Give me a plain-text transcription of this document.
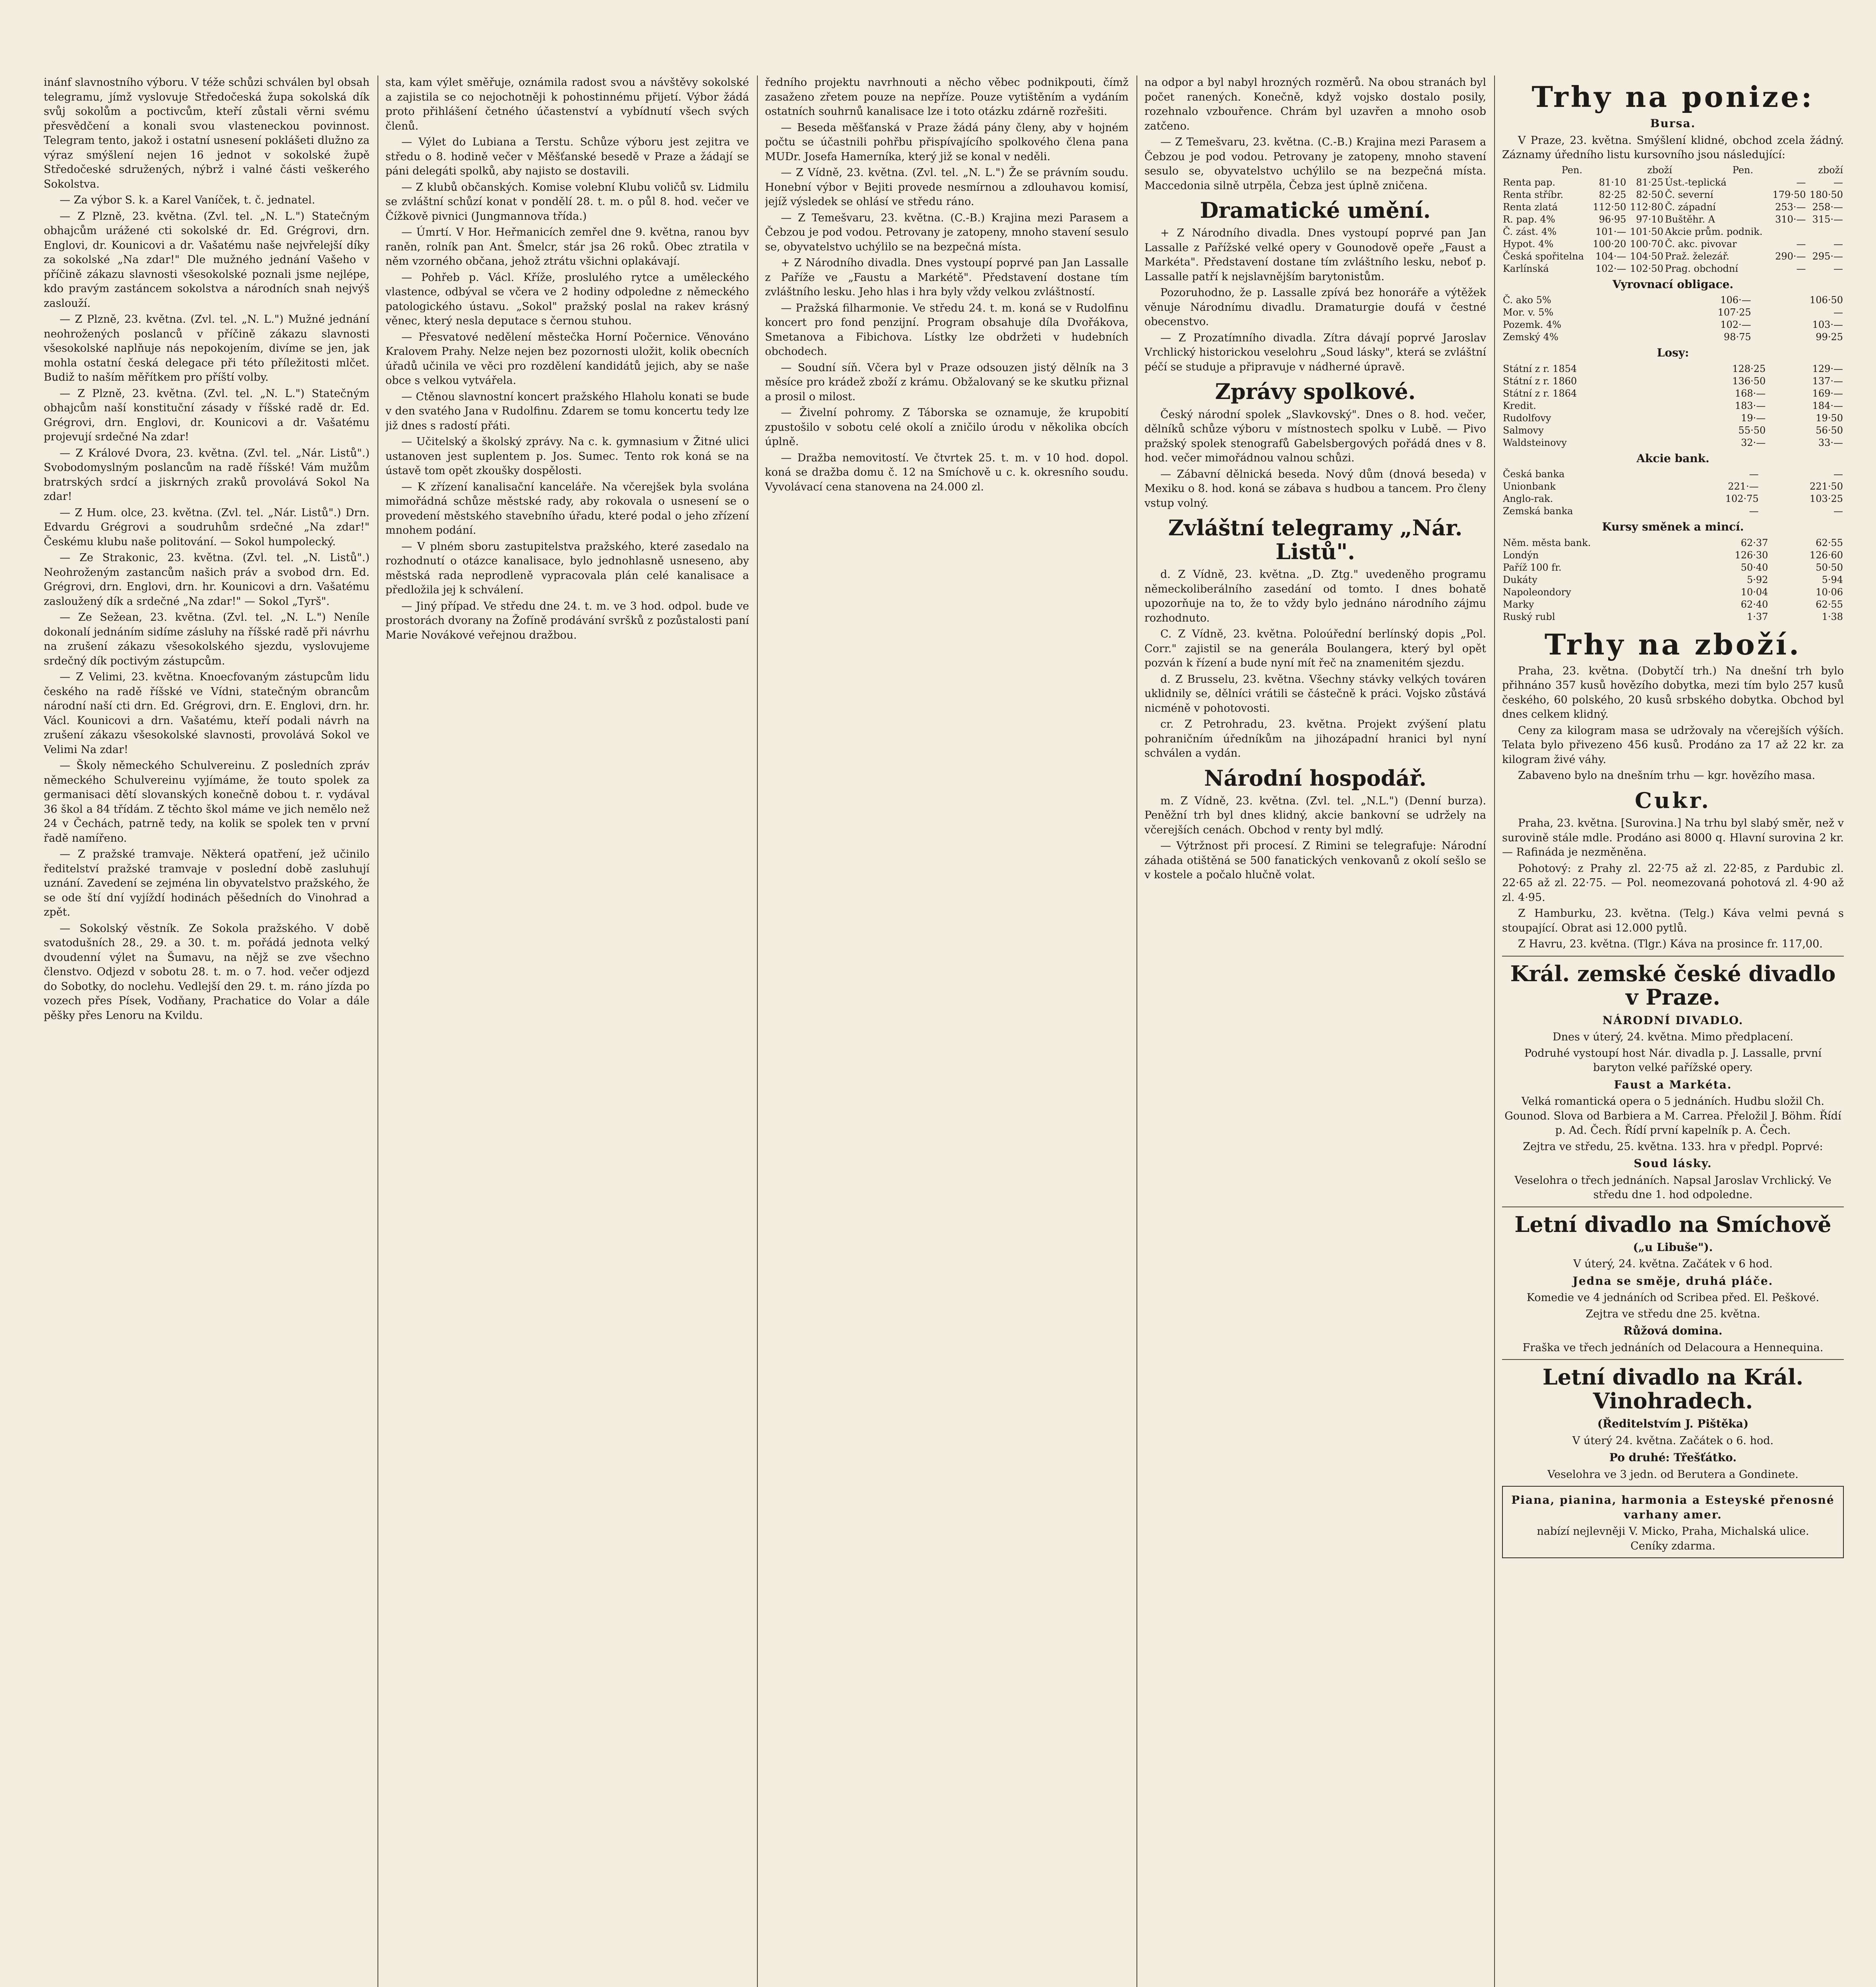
inánf slavnostního výboru. V téže schůzi schválen byl obsah telegramu, jímž vyslovuje Středočeská župa sokolská dík svůj sokolům a poctivcům, kteří zůstali věrni svému přesvědčení a konali svou vlasteneckou povinnost. Telegram tento, jakož i ostatní usnesení poklášeti dlužno za výraz smýšlení nejen 16 jednot v sokolské župě Středočeské sdružených, nýbrž i valné části veškerého Sokolstva.

— Za výbor S. k. a Karel Vaníček, t. č. jednatel.

— Z Plzně, 23. května. (Zvl. tel. „N. L.") Statečným obhajcům urážené cti sokolské dr. Ed. Grégrovi, drn. Englovi, dr. Kounicovi a dr. Vašatému naše nejvřelejší díky za sokolské „Na zdar!" Dle mužného jednání Vašeho v příčině zákazu slavnosti všesokolské poznali jsme nejlépe, kdo pravým zastáncem sokolstva a národních snah nejvýš zaslouží.

— Z Plzně, 23. května. (Zvl. tel. „N. L.") Mužné jednání neohrožených poslanců v příčině zákazu slavnosti všesokolské naplňuje nás nepokojením, divíme se jen, jak mohla ostatní česká delegace při této příležitosti mlčet. Budiž to naším měřítkem pro příští volby.

— Z Plzně, 23. května. (Zvl. tel. „N. L.") Statečným obhajcům naší konstituční zásady v říšské radě dr. Ed. Grégrovi, drn. Englovi, dr. Kounicovi a dr. Vašatému projevují srdečné Na zdar!

— Z Králové Dvora, 23. května. (Zvl. tel. „Nár. Listů".) Svobodomyslným poslancům na radě říšské! Vám mužům bratrských srdcí a jiskrných zraků provolává Sokol Na zdar!

— Z Hum. olce, 23. května. (Zvl. tel. „Nár. Listů".) Drn. Edvardu Grégrovi a soudruhům srdečné „Na zdar!" Českému klubu naše politování. — Sokol humpolecký.

— Ze Strakonic, 23. května. (Zvl. tel. „N. Listů".) Neohroženým zastancům našich práv a svobod drn. Ed. Grégrovi, drn. Englovi, drn. hr. Kounicovi a drn. Vašatému zasloužený dík a srdečné „Na zdar!" — Sokol „Tyrš".

— Ze Sežean, 23. května. (Zvl. tel. „N. L.") Neníle dokonalí jednáním sidíme zásluhy na říšské radě při návrhu na zrušení zákazu všesokolského sjezdu, vyslovujeme srdečný dík poctivým zástupcům.

— Z Velimi, 23. května. Knoecfovaným zástupcům lidu českého na radě říšské ve Vídni, statečným obrancům národní naší cti drn. Ed. Grégrovi, drn. E. Englovi, drn. hr. Václ. Kounicovi a drn. Vašatému, kteří podali návrh na zrušení zákazu všesokolské slavnosti, provolává Sokol ve Velimi Na zdar!

— Školy německého Schulvereinu. Z posledních zpráv německého Schulvereinu vyjímáme, že touto spolek za germanisaci dětí slovanských konečně dobou t. r. vydával 36 škol a 84 třídám. Z těchto škol máme ve jich nemělo než 24 v Čechách, patrně tedy, na kolik se spolek ten v první řadě namířeno.

— Z pražské tramvaje. Některá opatření, jež učinilo ředitelství pražské tramvaje v poslední době zasluhují uznání. Zavedení se zejména lin obyvatelstvo pražského, že se ode ští dní vyjíždí hodinách pěšedních do Vinohrad a zpět.

— Sokolský věstník. Ze Sokola pražského. V době svatodušních 28., 29. a 30. t. m. pořádá jednota velký dvoudenní výlet na Šumavu, na nějž se zve všechno členstvo. Odjezd v sobotu 28. t. m. o 7. hod. večer odjezd do Sobotky, do noclehu. Vedlejší den 29. t. m. ráno jízda po vozech přes Písek, Vodňany, Prachatice do Volar a dále pěšky přes Lenoru na Kvildu.

sta, kam výlet směřuje, oznámila radost svou a návštěvy sokolské a zajistila se co nejochotněji k pohostinnému přijetí. Výbor žádá proto přihlášení četného účastenství a vybídnutí všech svých členů.

— Výlet do Lubiana a Terstu. Schůze výboru jest zejitra ve středu o 8. hodině večer v Měšťanské besedě v Praze a žádají se páni delegáti spolků, aby najisto se dostavili.

— Z klubů občanských. Komise volební Klubu voličů sv. Lidmilu se zvláštní schůzí konat v pondělí 28. t. m. o půl 8. hod. večer ve Čížkově pivnici (Jungmannova třída.)

— Úmrtí. V Hor. Heřmanicích zemřel dne 9. května, ranou byv raněn, rolník pan Ant. Šmelcr, stár jsa 26 roků. Obec ztratila v něm vzorného občana, jehož ztrátu všichni oplakávají.

— Pohřeb p. Václ. Kříže, proslulého rytce a uměleckého vlastence, odbýval se včera ve 2 hodiny odpoledne z německého patologického ústavu. „Sokol" pražský poslal na rakev krásný věnec, který nesla deputace s černou stuhou.

— Přesvatové nedělení městečka Horní Počernice. Věnováno Kralovem Prahy. Nelze nejen bez pozornosti uložit, kolik obecních úřadů učinila ve věci pro rozdělení kandidátů jejich, aby se naše obce s velkou vytvářela.

— Ctěnou slavnostní koncert pražského Hlaholu konati se bude v den svatého Jana v Rudolfinu. Zdarem se tomu koncertu tedy lze již dnes s radostí přáti.

— Učitelský a školský zprávy. Na c. k. gymnasium v Žitné ulici ustanoven jest suplentem p. Jos. Sumec. Tento rok koná se na ústavě tom opět zkoušky dospělosti.

— K zřízení kanalisační kanceláře. Na včerejšek byla svolána mimořádná schůze městské rady, aby rokovala o usnesení se o provedení městského stavebního úřadu, které podal o jeho zřízení mnohem podání.

— V plném sboru zastupitelstva pražského, které zasedalo na rozhodnutí o otázce kanalisace, bylo jednohlasně usneseno, aby městská rada neprodleně vypracovala plán celé kanalisace a předložila jej k schválení.

— Jiný případ. Ve středu dne 24. t. m. ve 3 hod. odpol. bude ve prostorách dvorany na Žofíně prodávání svršků z pozůstalosti paní Marie Novákové veřejnou dražbou.

ředního projektu navrhnouti a něcho věbec podnikpouti, čímž zasaženo zřetem pouze na nepříze. Pouze vytištěním a vydáním ostatních souhrnů kanalisace lze i toto otázku zdárně rozřešiti.

— Beseda měšťanská v Praze žádá pány členy, aby v hojném počtu se účastnili pohřbu přispívajícího spolkového člena pana MUDr. Josefa Hamerníka, který již se konal v neděli.

— Z Vídně, 23. května. (Zvl. tel. „N. L.") Že se právním soudu. Honební výbor v Bejiti provede nesmírnou a zdlouhavou komisí, jejíž výsledek se ohlásí ve středu ráno.

— Z Temešvaru, 23. května. (C.-B.) Krajina mezi Parasem a Čebzou je pod vodou. Petrovany je zatopeny, mnoho stavení sesulo se, obyvatelstvo uchýlilo se na bezpečná místa.

+ Z Národního divadla. Dnes vystoupí poprvé pan Jan Lassalle z Paříže ve „Faustu a Markétě". Představení dostane tím zvláštního lesku. Jeho hlas i hra byly vždy velkou zvláštností.

— Pražská filharmonie. Ve středu 24. t. m. koná se v Rudolfinu koncert pro fond penzijní. Program obsahuje díla Dvořákova, Smetanova a Fibichova. Lístky lze obdržeti v hudebních obchodech.

— Soudní síň. Včera byl v Praze odsouzen jistý dělník na 3 měsíce pro krádež zboží z krámu. Obžalovaný se ke skutku přiznal a prosil o milost.

— Živelní pohromy. Z Táborska se oznamuje, že krupobití zpustošilo v sobotu celé okolí a zničilo úrodu v několika obcích úplně.

— Dražba nemovitostí. Ve čtvrtek 25. t. m. v 10 hod. dopol. koná se dražba domu č. 12 na Smíchově u c. k. okresního soudu. Vyvolávací cena stanovena na 24.000 zl.

na odpor a byl nabyl hrozných rozměrů. Na obou stranách byl počet ranených. Konečně, když vojsko dostalo posily, rozehnalo vzbouřence. Chrám byl uzavřen a mnoho osob zatčeno.

— Z Temešvaru, 23. května. (C.-B.) Krajina mezi Parasem a Čebzou je pod vodou. Petrovany je zatopeny, mnoho stavení sesulo se, obyvatelstvo uchýlilo se na bezpečná místa. Maccedonia silně utrpěla, Čebza jest úplně zničena.

Dramatické umění.

+ Z Národního divadla. Dnes vystoupí poprvé pan Jan Lassalle z Pařížské velké opery v Gounodově opeře „Faust a Markéta". Představení dostane tím zvláštního lesku, neboť p. Lassalle patří k nejslavnějším barytonistům.

Pozoruhodno, že p. Lassalle zpívá bez honoráře a výtěžek věnuje Národnímu divadlu. Dramaturgie doufá v čestné obecenstvo.

— Z Prozatímního divadla. Zítra dávají poprvé Jaroslav Vrchlický historickou veselohru „Soud lásky", která se zvláštní péčí se studuje a připravuje v nádherné úpravě.

Zprávy spolkové.

Český národní spolek „Slavkovský". Dnes o 8. hod. večer, dělníků schůze výboru v místnostech spolku v Lubě. — Pivo pražský spolek stenografů Gabelsbergových pořádá dnes v 8. hod. večer mimořádnou valnou schůzi.

— Zábavní dělnická beseda. Nový dům (dnová beseda) v Mexiku o 8. hod. koná se zábava s hudbou a tancem. Pro členy vstup volný.

Zvláštní telegramy „Nár. Listů".

d. Z Vídně, 23. května. „D. Ztg." uvedeněho programu německoliberálního zasedání od tomto. I dnes bohatě upozorňuje na to, že to vždy bylo jednáno národního zájmu rozhodnuto.

C. Z Vídně, 23. května. Poloúřední berlínský dopis „Pol. Corr." zajistil se na generála Boulangera, který byl opět pozván k řízení a bude nyní mít řeč na znamenitém sjezdu.

d. Z Brusselu, 23. května. Všechny stávky velkých továren uklidnily se, dělníci vrátili se částečně k práci. Vojsko zůstává nicméně v pohotovosti.

cr. Z Petrohradu, 23. května. Projekt zvýšení platu pohraničním úředníkům na jihozápadní hranici byl nyní schválen a vydán.

Národní hospodář.

m. Z Vídně, 23. května. (Zvl. tel. „N.L.") (Denní burza). Peněžní trh byl dnes klidný, akcie bankovní se udržely na včerejších cenách. Obchod v renty byl mdlý.

— Výtržnost při procesí. Z Rimini se telegrafuje: Národní záhada otištěná se 500 fanatických venkovanů z okolí sešlo se v kostele a počalo hlučně volat.

Trhy na ponize:
Bursa.

V Praze, 23. května. Smýšlení klidné, obchod zcela žádný. Záznamy úředního listu kursovního jsou následující:

	Pen.	zboží		Pen.	zboží
Renta pap.	81·10	81·25	Úst.-teplická	—	—
Renta stříbr.	82·25	82·50	Č. severní	179·50	180·50
Renta zlatá	112·50	112·80	Č. západní	253·—	258·—
R. pap. 4%	96·95	97·10	Buštěhr. A	310·—	315·—
Č. zást. 4%	101·—	101·50	Akcie prům. podnik.		
Hypot. 4%	100·20	100·70	Č. akc. pivovar	—	—
Česká spořitelna	104·—	104·50	Praž. železář.	290·—	295·—
Karlínská	102·—	102·50	Prag. obchodní	—	—
Vyrovnací obligace.
Č. ako 5%	106·—	106·50
Mor. v. 5%	107·25	—
Pozemk. 4%	102·—	103·—
Zemský 4%	98·75	99·25
Losy:
Státní z r. 1854	128·25	129·—
Státní z r. 1860	136·50	137·—
Státní z r. 1864	168·—	169·—
Kredit.	183·—	184·—
Rudolfovy	19·—	19·50
Salmovy	55·50	56·50
Waldsteinovy	32·—	33·—
Akcie bank.
Česká banka	—	—
Unionbank	221·—	221·50
Anglo-rak.	102·75	103·25
Zemská banka	—	—
Kursy směnek a mincí.
Něm. města bank.	62·37	62·55
Londýn	126·30	126·60
Paříž 100 fr.	50·40	50·50
Dukáty	5·92	5·94
Napoleondory	10·04	10·06
Marky	62·40	62·55
Ruský rubl	1·37	1·38
Trhy na zboží.

Praha, 23. května. (Dobytčí trh.) Na dnešní trh bylo přihnáno 357 kusů hovězího dobytka, mezi tím bylo 257 kusů českého, 60 polského, 20 kusů srbského dobytka. Obchod byl dnes celkem klidný.

Ceny za kilogram masa se udržovaly na včerejších výších. Telata bylo přivezeno 456 kusů. Prodáno za 17 až 22 kr. za kilogram živé váhy.

Zabaveno bylo na dnešním trhu — kgr. hovězího masa.

Cukr.

Praha, 23. května. [Surovina.] Na trhu byl slabý směr, než v surovině stále mdle. Prodáno asi 8000 q. Hlavní surovina 2 kr. — Rafináda je nezměněna.

Pohotový: z Prahy zl. 22·75 až zl. 22·85, z Pardubic zl. 22·65 až zl. 22·75. — Pol. neomezovaná pohotová zl. 4·90 až zl. 4·95.

Z Hamburku, 23. května. (Telg.) Káva velmi pevná s stoupající. Obrat asi 12.000 pytlů.

Z Havru, 23. května. (Tlgr.) Káva na prosince fr. 117,00.

Král. zemské české divadlo v Praze.
NÁRODNÍ DIVADLO.

Dnes v úterý, 24. května. Mimo předplacení.

Podruhé vystoupí host Nár. divadla p. J. Lassalle, první baryton velké pařížské opery.

Faust a Markéta.

Velká romantická opera o 5 jednáních. Hudbu složil Ch. Gounod. Slova od Barbiera a M. Carrea. Přeložil J. Böhm. Řídí p. Ad. Čech. Řídí první kapelník p. A. Čech.

Zejtra ve středu, 25. května. 133. hra v předpl. Poprvé:

Soud lásky.

Veselohra o třech jednáních. Napsal Jaroslav Vrchlický. Ve středu dne 1. hod odpoledne.

Letní divadlo na Smíchově
(„u Libuše").

V úterý, 24. května. Začátek v 6 hod.

Jedna se směje, druhá pláče.

Komedie ve 4 jednáních od Scribea před. El. Peškové.

Zejtra ve středu dne 25. května.

Růžová domina.

Fraška ve třech jednáních od Delacoura a Hennequina.

Letní divadlo na Král. Vinohradech.
(Ředitelstvím J. Pištěka)

V úterý 24. května. Začátek o 6. hod.

Po druhé: Třešťátko.

Veselohra ve 3 jedn. od Berutera a Gondinete.

Piana, pianina, harmonia a Esteyské přenosné varhany amer.
nabízí nejlevněji V. Micko, Praha, Michalská ulice.
Ceníky zdarma.
